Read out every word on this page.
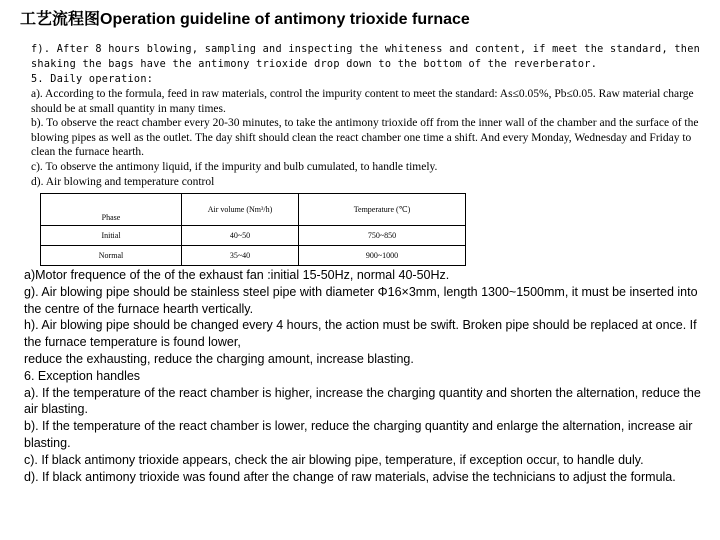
工艺流程图Operation guideline of antimony trioxide furnace
f). After 8 hours blowing, sampling and inspecting the whiteness and content, if meet the standard, then
shaking the bags have the antimony trioxide drop down to the bottom of the reverberator.
5. Daily operation:
a). According to the formula, feed in raw materials, control the impurity content to meet the standard: As≤0.05%, Pb≤0.05. Raw material charge should be at small quantity in many times.
b). To observe the react chamber every 20-30 minutes, to take the antimony trioxide off from the inner wall of the chamber and the surface of the blowing pipes as well as the outlet. The day shift should clean the react chamber one time a shift. And every Monday, Wednesday and Friday to clean the furnace hearth.
c). To observe the antimony liquid, if the impurity and bulb cumulated, to handle timely.
d). Air blowing and temperature control
Phase	Air volume (Nm³/h)	Temperature (℃)
Initial	40~50	750~850
Normal	35~40	900~1000
a)Motor frequence of the of the exhaust fan :initial 15-50Hz, normal 40-50Hz.
g). Air blowing pipe should be stainless steel pipe with diameter Φ16×3mm, length 1300~1500mm, it must be inserted into the centre of the furnace hearth vertically.
h). Air blowing pipe should be changed every 4 hours, the action must be swift. Broken pipe should be replaced at once. If the furnace temperature is found lower,
reduce the exhausting, reduce the charging amount, increase blasting.
6. Exception handles
a). If the temperature of the react chamber is higher, increase the charging quantity and shorten the alternation, reduce the air blasting.
b). If the temperature of the react chamber is lower, reduce the charging quantity and enlarge the alternation, increase air blasting.
c). If black antimony trioxide appears, check the air blowing pipe, temperature, if exception occur, to handle duly.
d). If black antimony trioxide was found after the change of raw materials, advise the technicians to adjust the formula.
